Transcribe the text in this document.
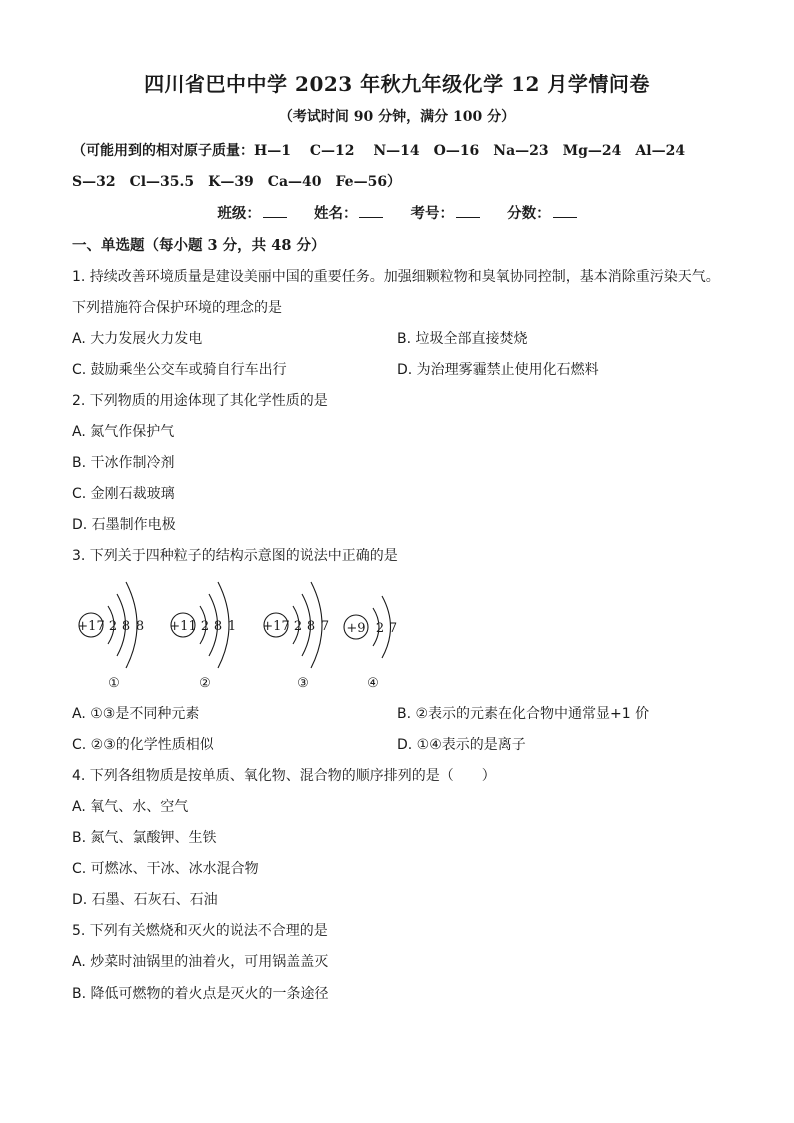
四川省巴中中学 2023 年秋九年级化学 12 月学情问卷
（考试时间 90 分钟，满分 100 分）
（可能用到的相对原子质量：H—1　 C—12　 N—14　O—16　Na—23　Mg—24　Al—24
S—32　Cl—35.5　K—39　Ca—40　Fe—56）
班级：	姓名：	考号：	分数：
一、单选题（每小题 3 分，共 48 分）
1. 持续改善环境质量是建设美丽中国的重要任务。加强细颗粒物和臭氧协同控制，基本消除重污染天气。
下列措施符合保护环境的理念的是
A. 大力发展火力发电	B. 垃圾全部直接焚烧
C. 鼓励乘坐公交车或骑自行车出行	D. 为治理雾霾禁止使用化石燃料
2. 下列物质的用途体现了其化学性质的是
A. 氮气作保护气
B. 干冰作制冷剂
C. 金刚石裁玻璃
D. 石墨制作电极
3. 下列关于四种粒子的结构示意图的说法中正确的是
+17 2 8 8
①
+11 2 8 1
②
+17 2 8 7
③
+9 2 7
④
A. ①③是不同种元素	B. ②表示的元素在化合物中通常显+1 价
C. ②③的化学性质相似	D. ①④表示的是离子
4. 下列各组物质是按单质、氧化物、混合物的顺序排列的是（　　）
A. 氧气、水、空气
B. 氮气、氯酸钾、生铁
C. 可燃冰、干冰、冰水混合物
D. 石墨、石灰石、石油
5. 下列有关燃烧和灭火的说法不合理的是
A. 炒菜时油锅里的油着火，可用锅盖盖灭
B. 降低可燃物的着火点是灭火的一条途径
